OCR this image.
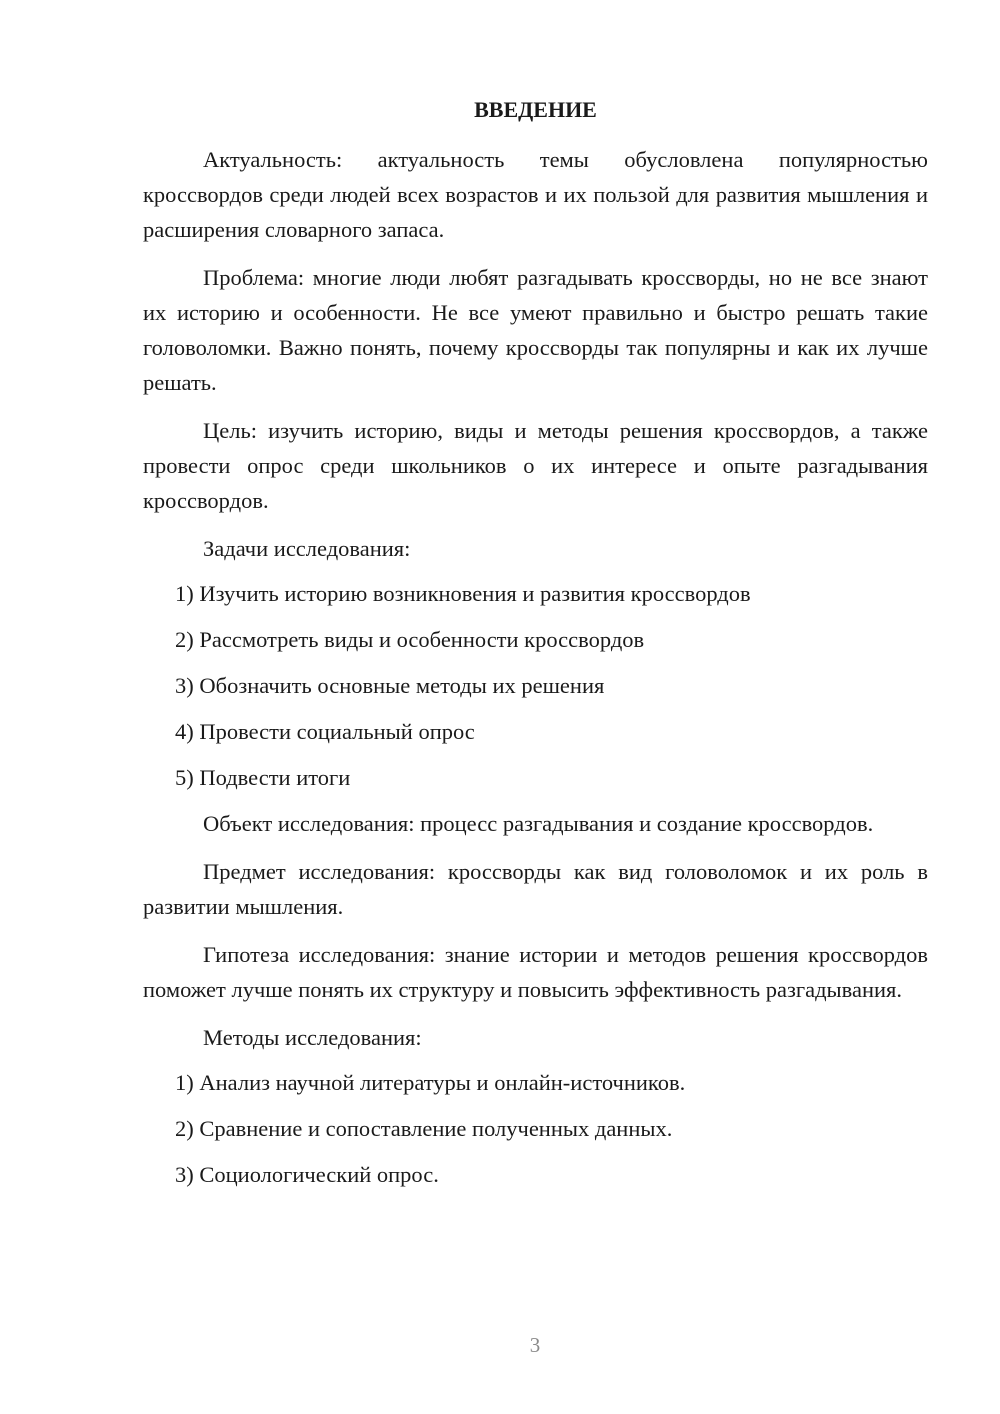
ВВЕДЕНИЕ

Актуальность: актуальность темы обусловлена популярностью кроссвордов среди людей всех возрастов и их пользой для развития мышления и расширения словарного запаса.

Проблема: многие люди любят разгадывать кроссворды, но не все знают их историю и особенности. Не все умеют правильно и быстро решать такие головоломки. Важно понять, почему кроссворды так популярны и как их лучше решать.

Цель: изучить историю, виды и методы решения кроссвордов, а также провести опрос среди школьников о их интересе и опыте разгадывания кроссвордов.

Задачи исследования:

1) Изучить историю возникновения и развития кроссвордов
2) Рассмотреть виды и особенности кроссвордов
3) Обозначить основные методы их решения
4) Провести социальный опрос
5) Подвести итоги

Объект исследования: процесс разгадывания и создание кроссвордов.

Предмет исследования: кроссворды как вид головоломок и их роль в развитии мышления.

Гипотеза исследования: знание истории и методов решения кроссвордов поможет лучше понять их структуру и повысить эффективность разгадывания.

Методы исследования:

1) Анализ научной литературы и онлайн-источников.
2) Сравнение и сопоставление полученных данных.
3) Социологический опрос.
3
